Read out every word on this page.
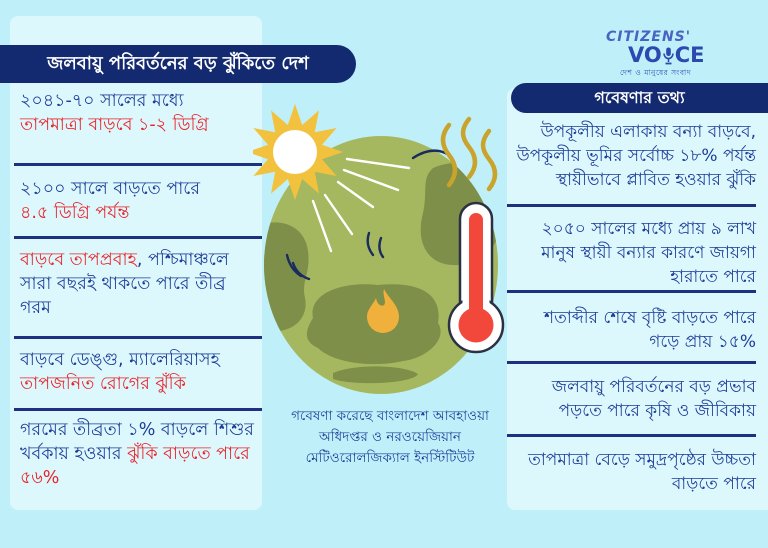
জলবায়ু পরিবর্তনের বড় ঝুঁকিতে দেশ
CITIZENS'
VO CE
দেশ ও মানুষের সংবাদ
গবেষণার তথ্য
২০৪১-৭০ সালের মধ্যে
তাপমাত্রা বাড়বে ১-২ ডিগ্রি
২১০০ সালে বাড়তে পারে
৪.৫ ডিগ্রি পর্যন্ত
বাড়বে তাপপ্রবাহ, পশ্চিমাঞ্চলে সারা বছরই থাকতে পারে তীব্র গরম
বাড়বে ডেঙ্গু, ম্যালেরিয়াসহ
তাপজনিত রোগের ঝুঁকি
গরমের তীব্রতা ১% বাড়লে শিশুর খর্বকায় হওয়ার ঝুঁকি বাড়তে পারে ৫৬%
উপকূলীয় এলাকায় বন্যা বাড়বে, উপকূলীয় ভূমির সর্বোচ্চ ১৮% পর্যন্ত স্থায়ীভাবে প্লাবিত হওয়ার ঝুঁকি
২০৫০ সালের মধ্যে প্রায় ৯ লাখ মানুষ স্থায়ী বন্যার কারণে জায়গা হারাতে পারে
শতাব্দীর শেষে বৃষ্টি বাড়তে পারে গড়ে প্রায় ১৫%
জলবায়ু পরিবর্তনের বড় প্রভাব পড়তে পারে কৃষি ও জীবিকায়
তাপমাত্রা বেড়ে সমুদ্রপৃষ্ঠের উচ্চতা বাড়তে পারে
গবেষণা করেছে বাংলাদেশ আবহাওয়া অধিদপ্তর ও নরওয়েজিয়ান মেটিওরোলজিক্যাল ইনস্টিটিউট
